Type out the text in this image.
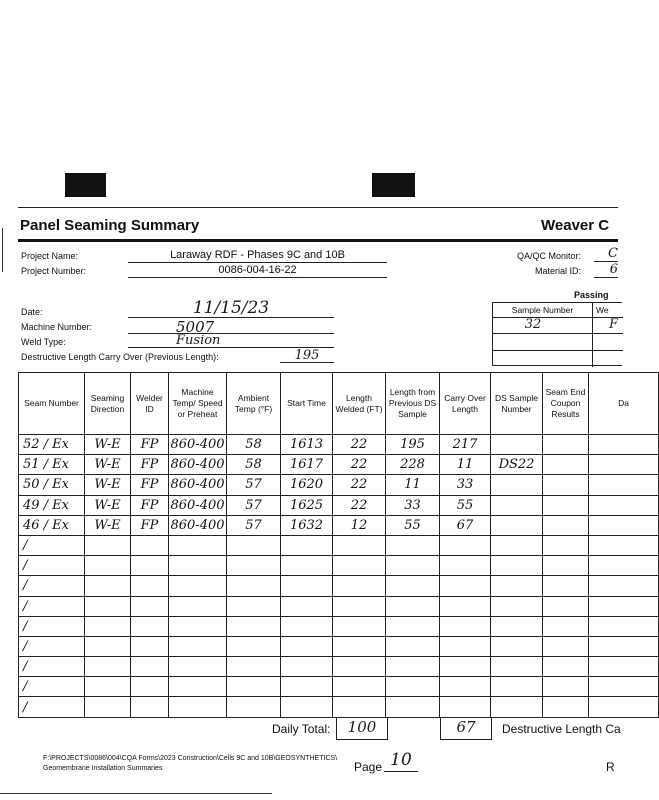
Panel Seaming Summary	Weaver C
Project Name:	Laraway RDF - Phases 9C and 10B
Project Number:	0086-004-16-22
QA/QC Monitor:	C
Material ID:	6
Passing
Sample Number	We
32	F
Date:	11/15/23
Machine Number:	5007
Weld Type:	Fusion
Destructive Length Carry Over (Previous Length):	195
Seam Number	Seaming Direction	Welder ID	Machine Temp/ Speed or Preheat	Ambient Temp (°F)	Start Time	Length Welded (FT)	Length from Previous DS Sample	Carry Over Length	DS Sample Number	Seam End Coupon Results	Da
52 / Ex	W-E	FP	860-400	58	1613	22	195	217			
51 / Ex	W-E	FP	860-400	58	1617	22	228	11	DS22		
50 / Ex	W-E	FP	860-400	57	1620	22	11	33			
49 / Ex	W-E	FP	860-400	57	1625	22	33	55			
46 / Ex	W-E	FP	860-400	57	1632	12	55	67			
/											
/											
/											
/											
/											
/											
/											
/											
/											
Daily Total:	100	67	Destructive Length Ca
F:\PROJECTS\0086\004\CQA Forms\2023 Construction\Cells 9C and 10B\GEOSYNTHETICS\
Geomembrane Installation Summaries	Page 10	R
